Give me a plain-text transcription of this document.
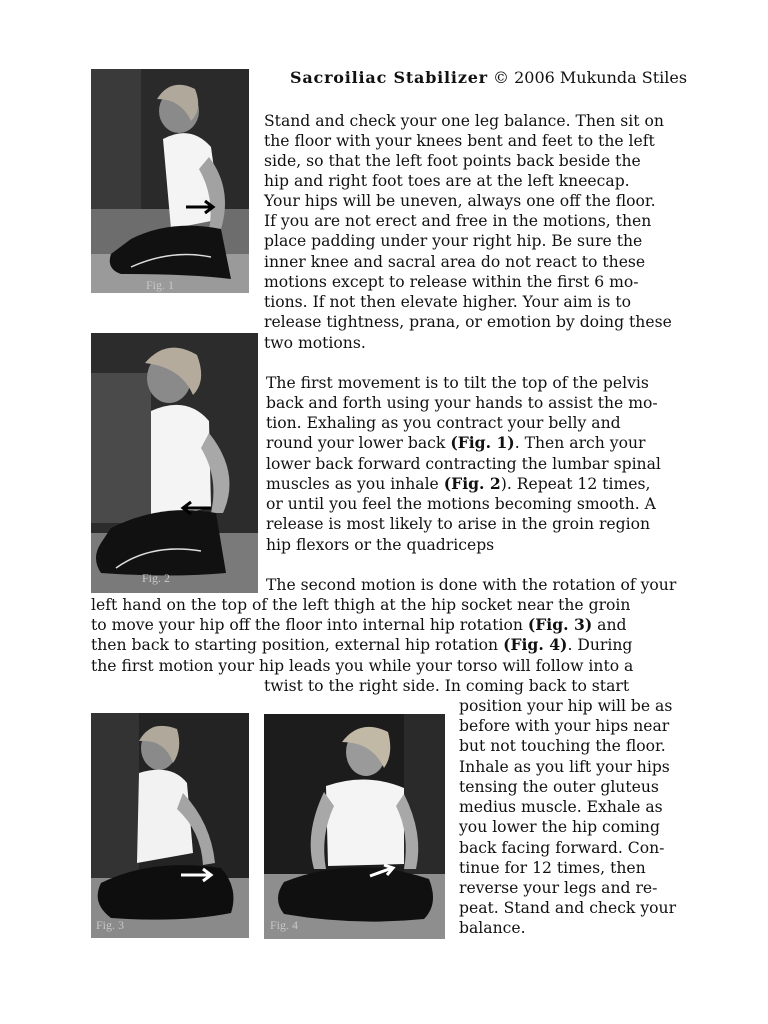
Sacroiliac Stabilizer © 2006 Mukunda Stiles
Fig. 1
Fig. 2
Fig. 3	Fig. 4
Stand and check your one leg balance. Then sit on
the floor with your knees bent and feet to the left
side, so that the left foot points back beside the
hip and right foot toes are at the left kneecap.
Your hips will be uneven, always one off the floor.
If you are not erect and free in the motions, then
place padding under your right hip. Be sure the
inner knee and sacral area do not react to these
motions except to release within the first 6 mo-
tions. If not then elevate higher. Your aim is to
release tightness, prana, or emotion by doing these
two motions.
The first movement is to tilt the top of the pelvis
back and forth using your hands to assist the mo-
tion. Exhaling as you contract your belly and
round your lower back (Fig. 1). Then arch your
lower back forward contracting the lumbar spinal
muscles as you inhale (Fig. 2). Repeat 12 times,
or until you feel the motions becoming smooth. A
release is most likely to arise in the groin region
hip flexors or the quadriceps
The second motion is done with the rotation of your
left hand on the top of the left thigh at the hip socket near the groin
to move your hip off the floor into internal hip rotation (Fig. 3) and
then back to starting position, external hip rotation (Fig. 4). During
the first motion your hip leads you while your torso will follow into a
twist to the right side. In coming back to start
position your hip will be as
before with your hips near
but not touching the floor.
Inhale as you lift your hips
tensing the outer gluteus
medius muscle. Exhale as
you lower the hip coming
back facing forward. Con-
tinue for 12 times, then
reverse your legs and re-
peat. Stand and check your
balance.
